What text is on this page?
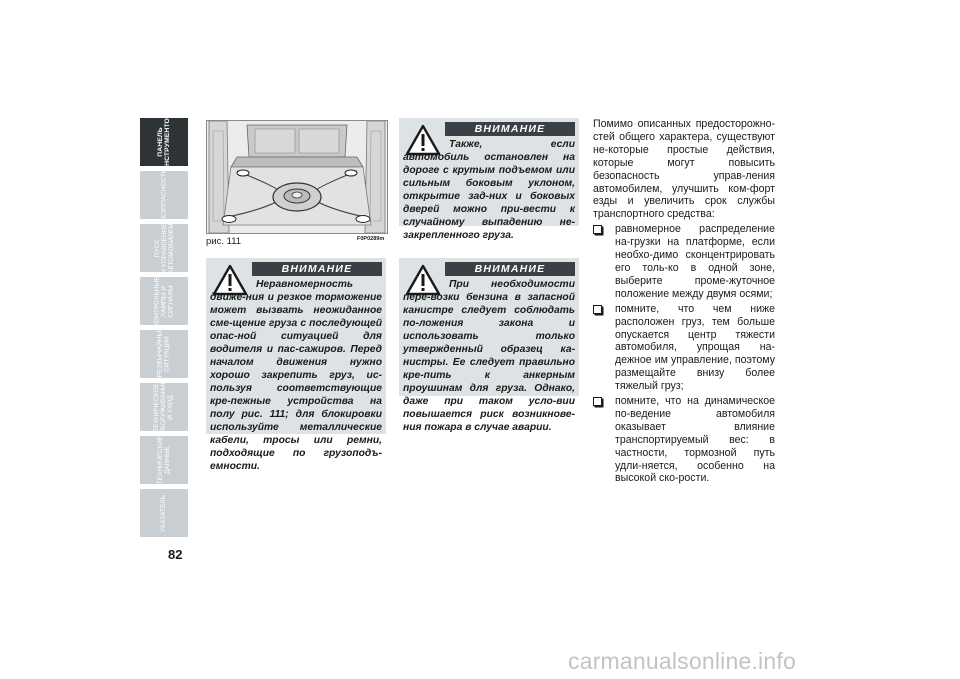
ПАНЕЛЬ
ИНСТРУМЕНТОВ
БЕЗОПАСНОСТЬ
ПУСК
И УПРАВЛЕНИЕ
АВТОМОБИЛЕМ
КОНТРОЛЬНЫЕ
ЛАМПЫ И
СИГНАЛЫ
ЧРЕЗВЫЧАЙНЫЕ
СИТУАЦИИ
ТЕХНИЧЕСКОЕ
ОБСЛУЖИВАНИЕ
И УХОД
ТЕХНИЧЕСКИЕ
ДАННЫЕ
УКАЗАТЕЛЬ
82
рис. 111	F0P0289m
ВНИМАНИЕ
Неравномерность движе-ния и резкое торможение может вызвать неожиданное сме-щение груза с последующей опас-ной ситуацией для водителя и пас-сажиров. Перед началом движения нужно хорошо закрепить груз, ис-пользуя соответствующие кре-пежные устройства на полу рис. 111; для блокировки используйте металлические кабели, тросы или ремни, подходящие по грузоподъ-емности.
ВНИМАНИЕ
Также, если автомобиль остановлен на дороге с крутым подъемом или сильным боковым уклоном, открытие зад-них и боковых дверей можно при-вести к случайному выпадению не-закрепленного груза.
ВНИМАНИЕ
При необходимости пере-возки бензина в запасной канистре следует соблюдать по-ложения закона и использовать только утвержденный образец ка-нистры. Ее следует правильно кре-пить к анкерным проушинам для груза. Однако, даже при таком усло-вии повышается риск возникнове-ния пожара в случае аварии.

Помимо описанных предосторожно-стей общего характера, существуют не-которые простые действия, которые могут повысить безопасность управ-ления автомобилем, улучшить ком-форт езды и увеличить срок службы транспортного средства:

равномерное распределение на-грузки на платформе, если необхо-димо сконцентрировать его толь-ко в одной зоне, выберите проме-жуточное положение между двумя осями;
помните, что чем ниже расположен груз, тем больше опускается центр тяжести автомобиля, упрощая на-дежное им управление, поэтому размещайте внизу более тяжелый груз;
помните, что на динамическое по-ведение автомобиля оказывает влияние транспортируемый вес: в частности, тормозной путь удли-няется, особенно на высокой ско-рости.
carmanualsonline.info
